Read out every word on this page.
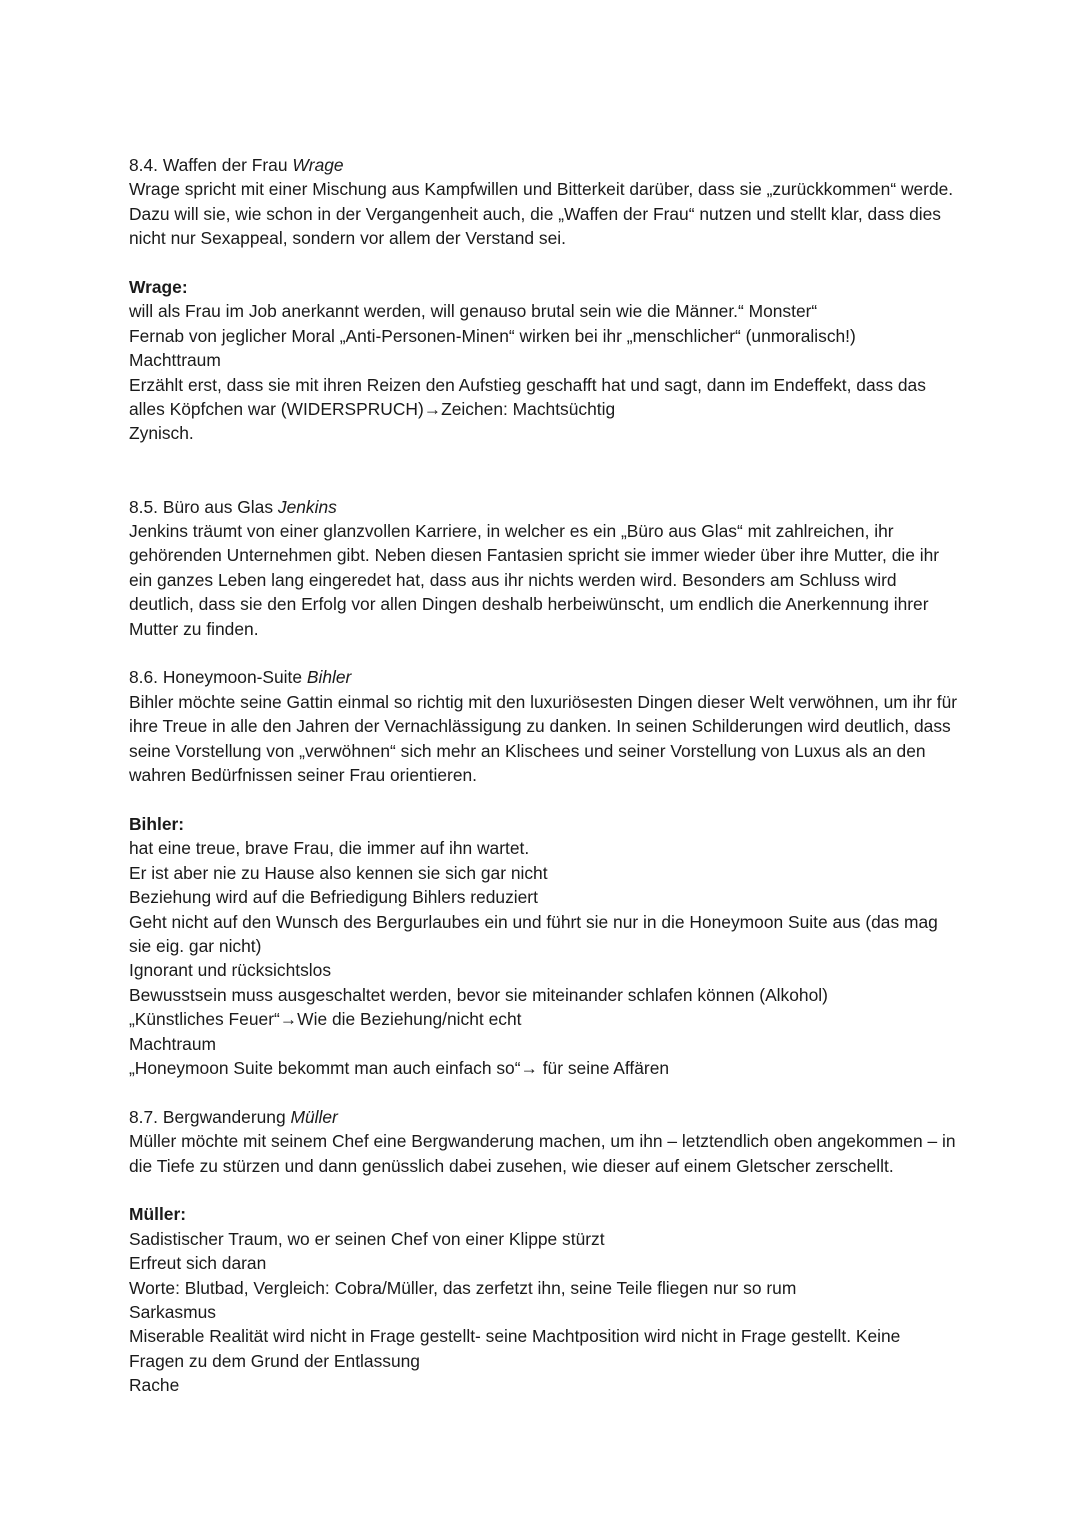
8.4. Waffen der Frau Wrage

Wrage spricht mit einer Mischung aus Kampfwillen und Bitterkeit darüber, dass sie „zurückkommen“ werde. Dazu will sie, wie schon in der Vergangenheit auch, die „Waffen der Frau“ nutzen und stellt klar, dass dies nicht nur Sexappeal, sondern vor allem der Verstand sei.

Wrage:

will als Frau im Job anerkannt werden, will genauso brutal sein wie die Männer.“ Monster“

Fernab von jeglicher Moral „Anti-Personen-Minen“ wirken bei ihr „menschlicher“ (unmoralisch!)

Machttraum

Erzählt erst, dass sie mit ihren Reizen den Aufstieg geschafft hat und sagt, dann im Endeffekt, dass das alles Köpfchen war (WIDERSPRUCH)→Zeichen: Machtsüchtig

Zynisch.

8.5. Büro aus Glas Jenkins

Jenkins träumt von einer glanzvollen Karriere, in welcher es ein „Büro aus Glas“ mit zahlreichen, ihr gehörenden Unternehmen gibt. Neben diesen Fantasien spricht sie immer wieder über ihre Mutter, die ihr ein ganzes Leben lang eingeredet hat, dass aus ihr nichts werden wird. Besonders am Schluss wird deutlich, dass sie den Erfolg vor allen Dingen deshalb herbeiwünscht, um endlich die Anerkennung ihrer Mutter zu finden.

8.6. Honeymoon-Suite Bihler

Bihler möchte seine Gattin einmal so richtig mit den luxuriösesten Dingen dieser Welt verwöhnen, um ihr für ihre Treue in alle den Jahren der Vernachlässigung zu danken. In seinen Schilderungen wird deutlich, dass seine Vorstellung von „verwöhnen“ sich mehr an Klischees und seiner Vorstellung von Luxus als an den wahren Bedürfnissen seiner Frau orientieren.

Bihler:

hat eine treue, brave Frau, die immer auf ihn wartet.

Er ist aber nie zu Hause also kennen sie sich gar nicht

Beziehung wird auf die Befriedigung Bihlers reduziert

Geht nicht auf den Wunsch des Bergurlaubes ein und führt sie nur in die Honeymoon Suite aus (das mag sie eig. gar nicht)

Ignorant und rücksichtslos

Bewusstsein muss ausgeschaltet werden, bevor sie miteinander schlafen können (Alkohol)

„Künstliches Feuer“→Wie die Beziehung/nicht echt

Machtraum

„Honeymoon Suite bekommt man auch einfach so“→ für seine Affären

8.7. Bergwanderung Müller

Müller möchte mit seinem Chef eine Bergwanderung machen, um ihn – letztendlich oben angekommen – in die Tiefe zu stürzen und dann genüsslich dabei zusehen, wie dieser auf einem Gletscher zerschellt.

Müller:

Sadistischer Traum, wo er seinen Chef von einer Klippe stürzt

Erfreut sich daran

Worte: Blutbad, Vergleich: Cobra/Müller, das zerfetzt ihn, seine Teile fliegen nur so rum

Sarkasmus

Miserable Realität wird nicht in Frage gestellt- seine Machtposition wird nicht in Frage gestellt. Keine Fragen zu dem Grund der Entlassung

Rache
